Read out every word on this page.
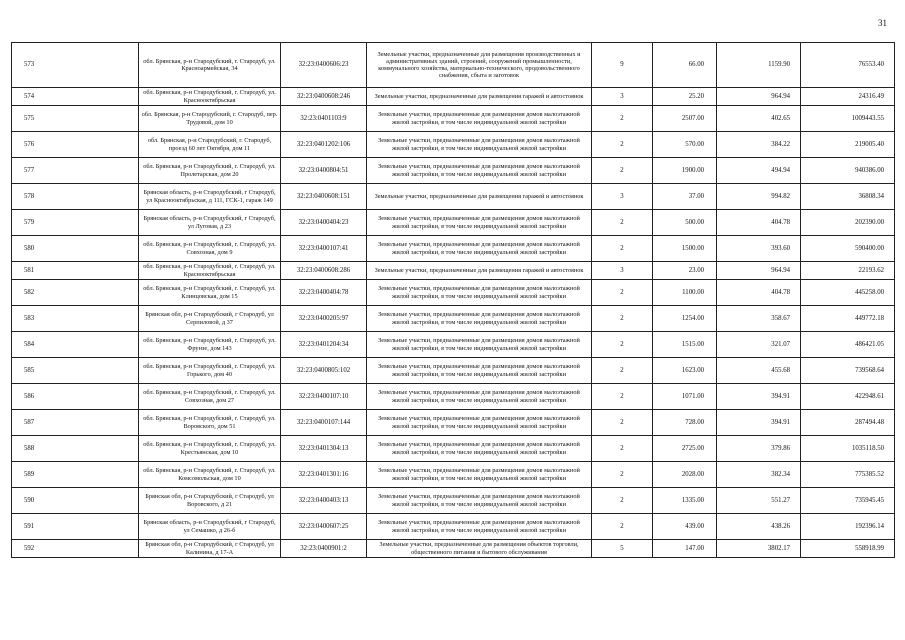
31
573	обл. Брянская, р-н Стародубский, г. Стародуб, ул. Красноармейская, 34	32:23:0400606:23	Земельные участки, предназначенные для размещения производственных и административных зданий, строений, сооружений промышленности, коммунального хозяйства, материально-технического, продовольственного снабжения, сбыта и заготовок	9	66.00	1159.90	76553.40
574	обл. Брянская, р-н Стародубский, г. Стародуб, ул. Краснооктябрьская	32:23:0400608:246	Земельные участки, предназначенные для размещения гаражей и автостоянок	3	25.20	964.94	24316.49
575	обл. Брянская, р-н Стародубский, г. Стародуб, пер. Трудовой, дом 10	32:23:0401103:9	Земельные участки, предназначенные для размещения домов малоэтажной жилой застройки, в том числе индивидуальной жилой застройки	2	2507.00	402.65	1009443.55
576	обл. Брянская, р-н Стародубский, г. Стародуб, проезд 60 лет Октября, дом 11	32:23:0401202:106	Земельные участки, предназначенные для размещения домов малоэтажной жилой застройки, в том числе индивидуальной жилой застройки	2	570.00	384.22	219005.40
577	обл. Брянская, р-н Стародубский, г. Стародуб, ул. Пролетарская, дом 20	32:23:0400804:51	Земельные участки, предназначенные для размещения домов малоэтажной жилой застройки, в том числе индивидуальной жилой застройки	2	1900.00	494.94	940386.00
578	Брянская область, р-н Стародубский, г Стародуб, ул Краснооктябрьская, д 111, ГСК-1, гараж 149	32:23:0400608:151	Земельные участки, предназначенные для размещения гаражей и автостоянок	3	37.00	994.82	36808.34
579	Брянская область, р-н Стародубский, г Стародуб, ул Луговая, д 23	32:23:0400404:23	Земельные участки, предназначенные для размещения домов малоэтажной жилой застройки, в том числе индивидуальной жилой застройки	2	500.00	404.78	202390.00
580	обл. Брянская, р-н Стародубский, г. Стародуб, ул. Совхозная, дом 9	32:23:0400107:41	Земельные участки, предназначенные для размещения домов малоэтажной жилой застройки, в том числе индивидуальной жилой застройки	2	1500.00	393.60	590400.00
581	обл. Брянская, р-н Стародубский, г. Стародуб, ул. Краснооктябрьская	32:23:0400608:286	Земельные участки, предназначенные для размещения гаражей и автостоянок	3	23.00	964.94	22193.62
582	обл. Брянская, р-н Стародубский, г. Стародуб, ул. Клинцовская, дом 15	32:23:0400404:78	Земельные участки, предназначенные для размещения домов малоэтажной жилой застройки, в том числе индивидуальной жилой застройки	2	1100.00	404.78	445258.00
583	Брянская обл, р-н Стародубский, г Стародуб, ул Серпиловой, д 37	32:23:0400205:97	Земельные участки, предназначенные для размещения домов малоэтажной жилой застройки, в том числе индивидуальной жилой застройки	2	1254.00	358.67	449772.18
584	обл. Брянская, р-н Стародубский, г. Стародуб, ул. Фрунзе, дом 143	32:23:0401204:34	Земельные участки, предназначенные для размещения домов малоэтажной жилой застройки, в том числе индивидуальной жилой застройки	2	1515.00	321.07	486421.05
585	обл. Брянская, р-н Стародубский, г. Стародуб, ул. Горького, дом 40	32:23:0400805:102	Земельные участки, предназначенные для размещения домов малоэтажной жилой застройки, в том числе индивидуальной жилой застройки	2	1623.00	455.68	739568.64
586	обл. Брянская, р-н Стародубский, г. Стародуб, ул. Совхозная, дом 27	32:23:0400107:10	Земельные участки, предназначенные для размещения домов малоэтажной жилой застройки, в том числе индивидуальной жилой застройки	2	1071.00	394.91	422948.61
587	обл. Брянская, р-н Стародубский, г. Стародуб, ул. Воровского, дом 51	32:23:0400107:144	Земельные участки, предназначенные для размещения домов малоэтажной жилой застройки, в том числе индивидуальной жилой застройки	2	728.00	394.91	287494.48
588	обл. Брянская, р-н Стародубский, г. Стародуб, ул. Крестьянская, дом 10	32:23:0401304:13	Земельные участки, предназначенные для размещения домов малоэтажной жилой застройки, в том числе индивидуальной жилой застройки	2	2725.00	379.86	1035118.50
589	обл. Брянская, р-н Стародубский, г. Стародуб, ул. Комсомольская, дом 10	32:23:0401301:16	Земельные участки, предназначенные для размещения домов малоэтажной жилой застройки, в том числе индивидуальной жилой застройки	2	2028.00	382.34	775385.52
590	Брянская обл, р-н Стародубский, г Стародуб, ул Воровского, д 21	32:23:0400403:13	Земельные участки, предназначенные для размещения домов малоэтажной жилой застройки, в том числе индивидуальной жилой застройки	2	1335.00	551.27	735945.45
591	Брянская область, р-н Стародубский, г Стародуб, ул Семашко, д 26-б	32:23:0400607:25	Земельные участки, предназначенные для размещения домов малоэтажной жилой застройки, в том числе индивидуальной жилой застройки	2	439.00	438.26	192396.14
592	Брянская обл, р-н Стародубский, г Стародуб, ул Калинина, д 17-А	32:23:0400901:2	Земельные участки, предназначенные для размещения объектов торговли, общественного питания и бытового обслуживания	5	147.00	3802.17	558918.99
